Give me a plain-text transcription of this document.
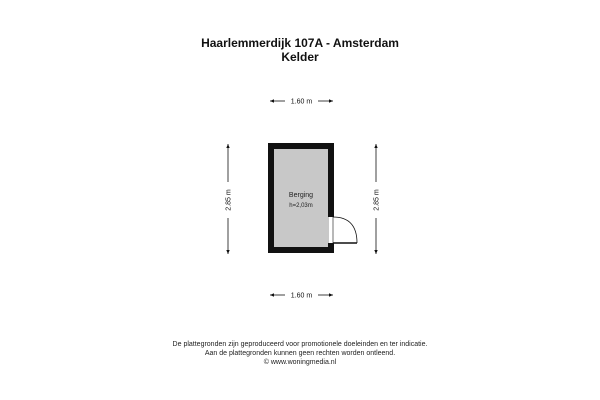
Haarlemmerdijk 107A - Amsterdam
Kelder
1.60 m
1.60 m
2.85 m	2.85 m
Berging
h=2,03m
De plattegronden zijn geproduceerd voor promotionele doeleinden en ter indicatie.
Aan de plattegronden kunnen geen rechten worden ontleend.
© www.woningmedia.nl
